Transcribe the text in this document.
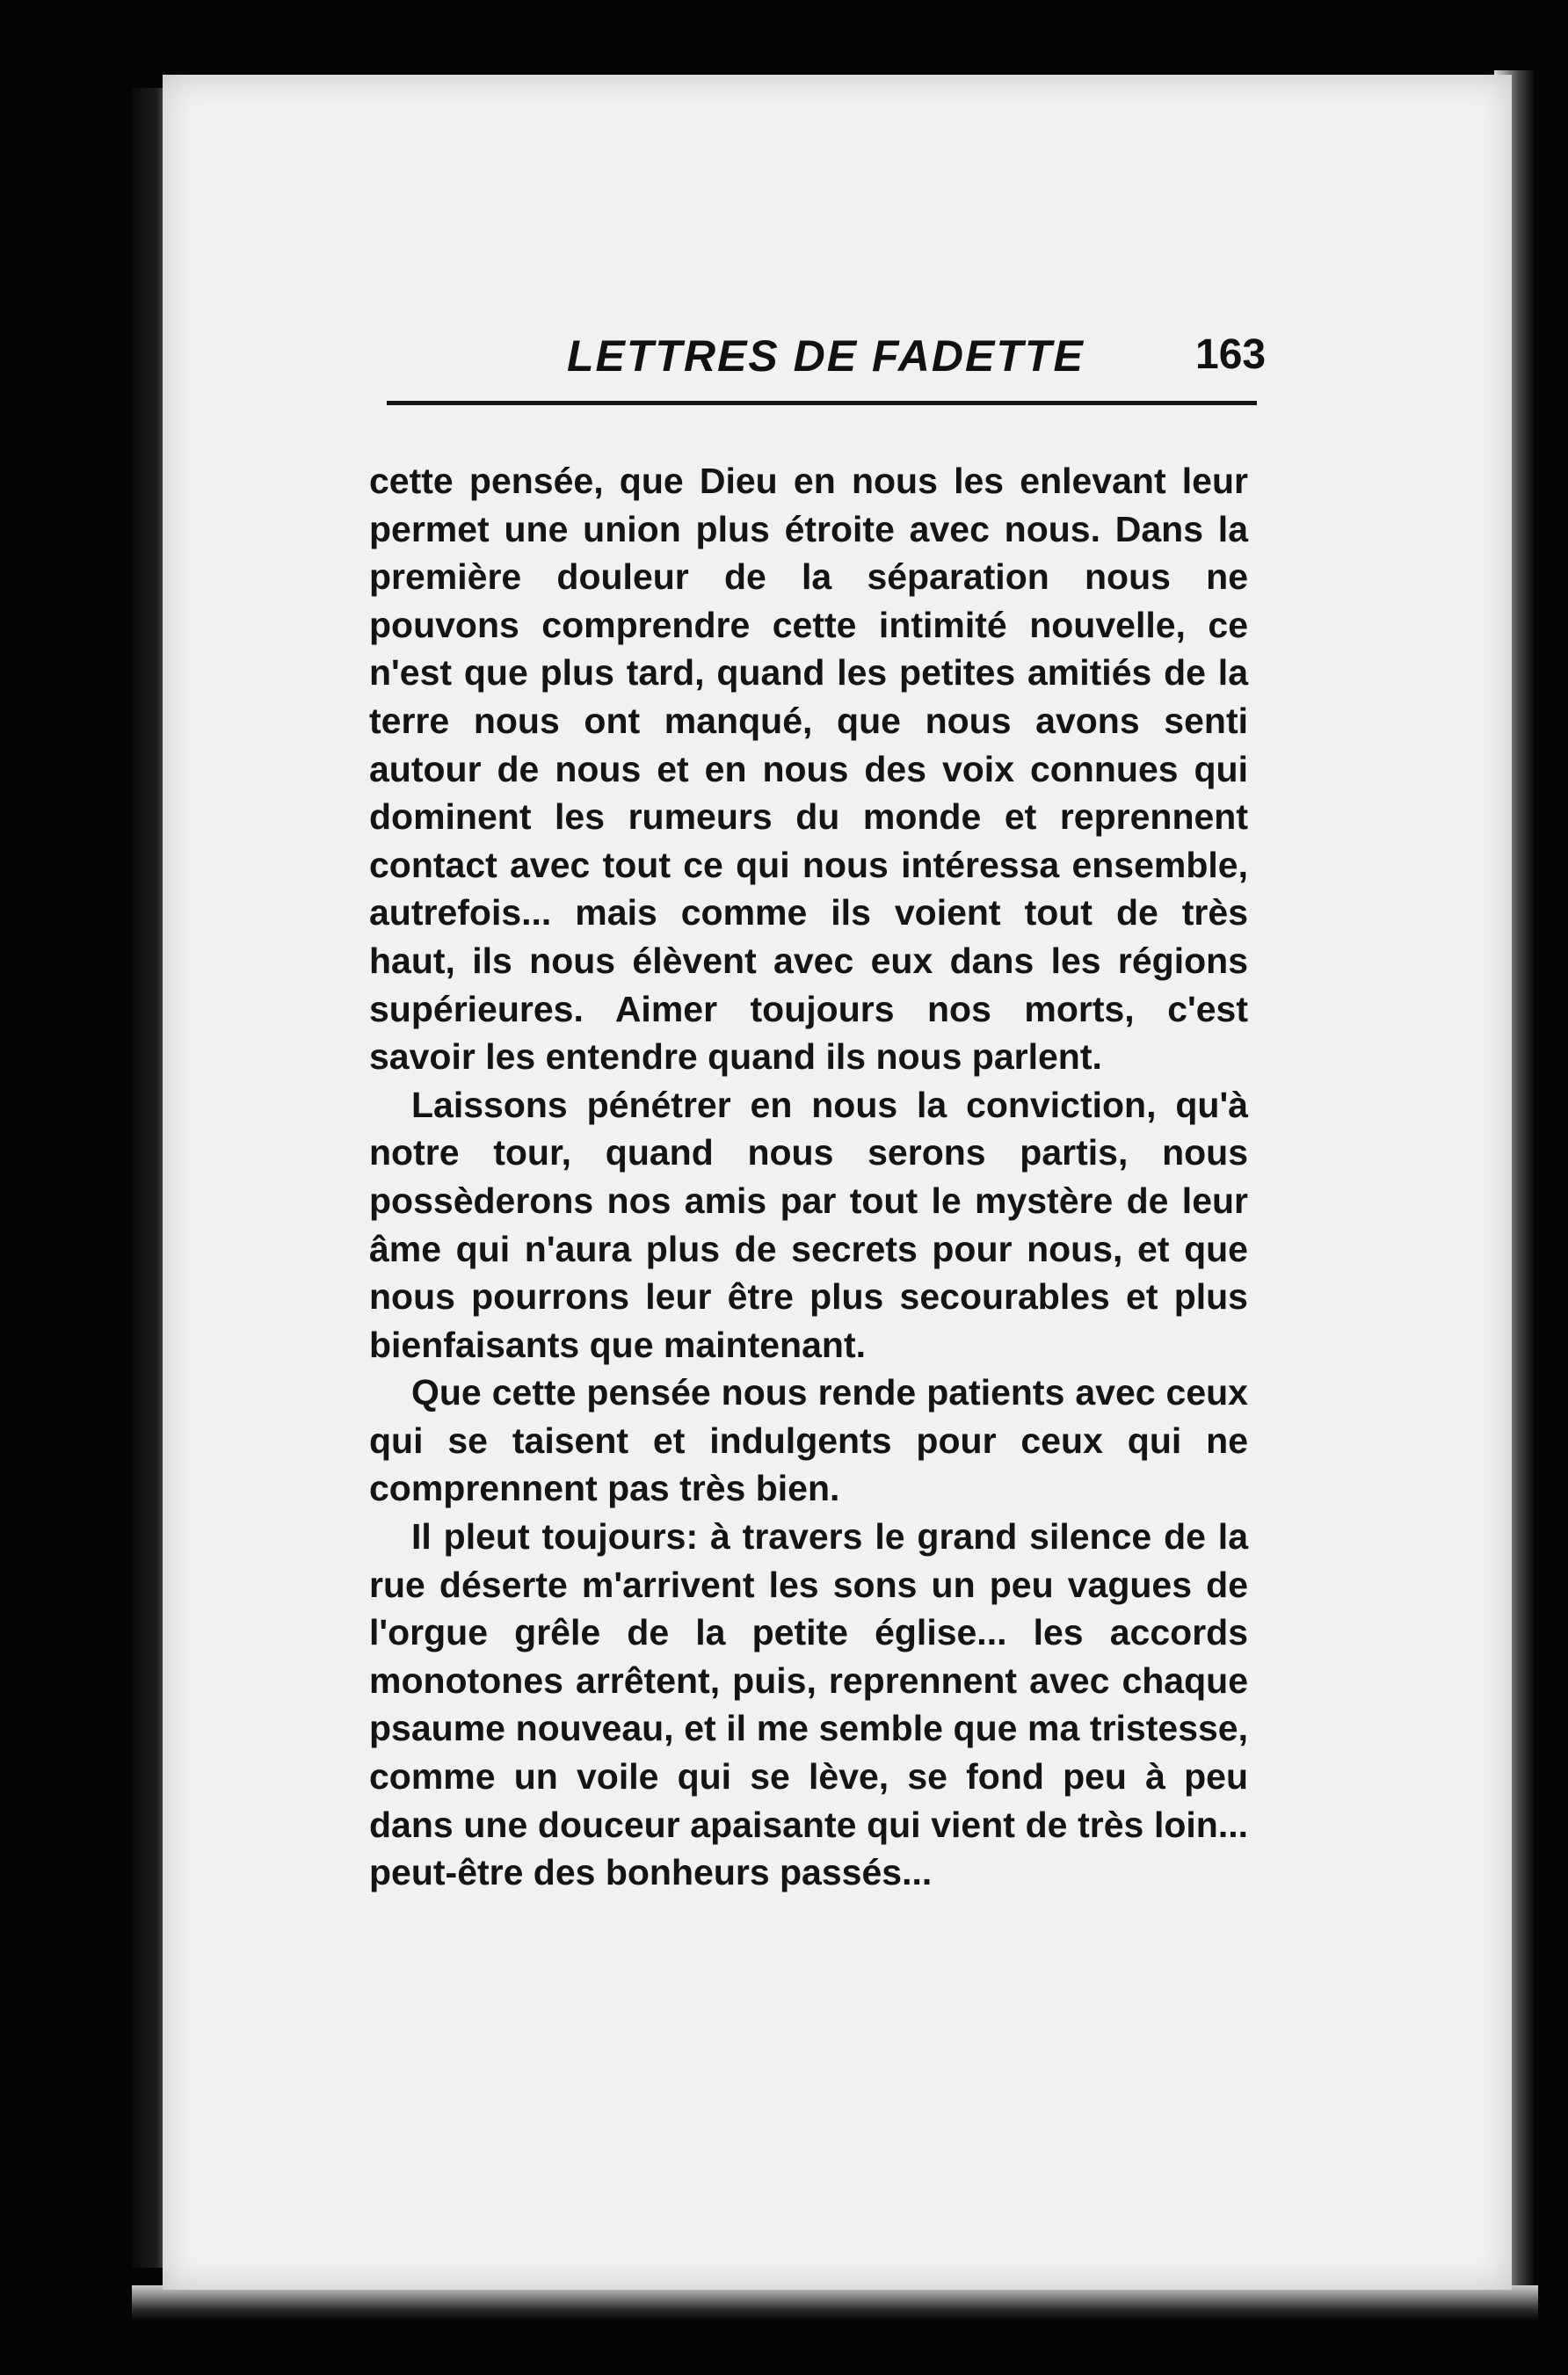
LETTRES DE FADETTE	163

cette pensée, que Dieu en nous les enlevant leur permet une union plus étroite avec nous. Dans la première douleur de la séparation nous ne pouvons comprendre cette intimité nouvelle, ce n'est que plus tard, quand les petites amitiés de la terre nous ont manqué, que nous avons senti autour de nous et en nous des voix connues qui dominent les rumeurs du monde et reprennent contact avec tout ce qui nous intéressa ensemble, autrefois... mais comme ils voient tout de très haut, ils nous élèvent avec eux dans les régions supérieures. Aimer toujours nos morts, c'est savoir les entendre quand ils nous parlent.

Laissons pénétrer en nous la conviction, qu'à notre tour, quand nous serons partis, nous possèderons nos amis par tout le mystère de leur âme qui n'aura plus de secrets pour nous, et que nous pourrons leur être plus secourables et plus bienfaisants que maintenant.

Que cette pensée nous rende patients avec ceux qui se taisent et indulgents pour ceux qui ne comprennent pas très bien.

Il pleut toujours: à travers le grand silence de la rue déserte m'arrivent les sons un peu vagues de l'orgue grêle de la petite église... les accords monotones arrêtent, puis, reprennent avec chaque psaume nouveau, et il me semble que ma tristesse, comme un voile qui se lève, se fond peu à peu dans une douceur apaisante qui vient de très loin... peut-être des bonheurs passés...
